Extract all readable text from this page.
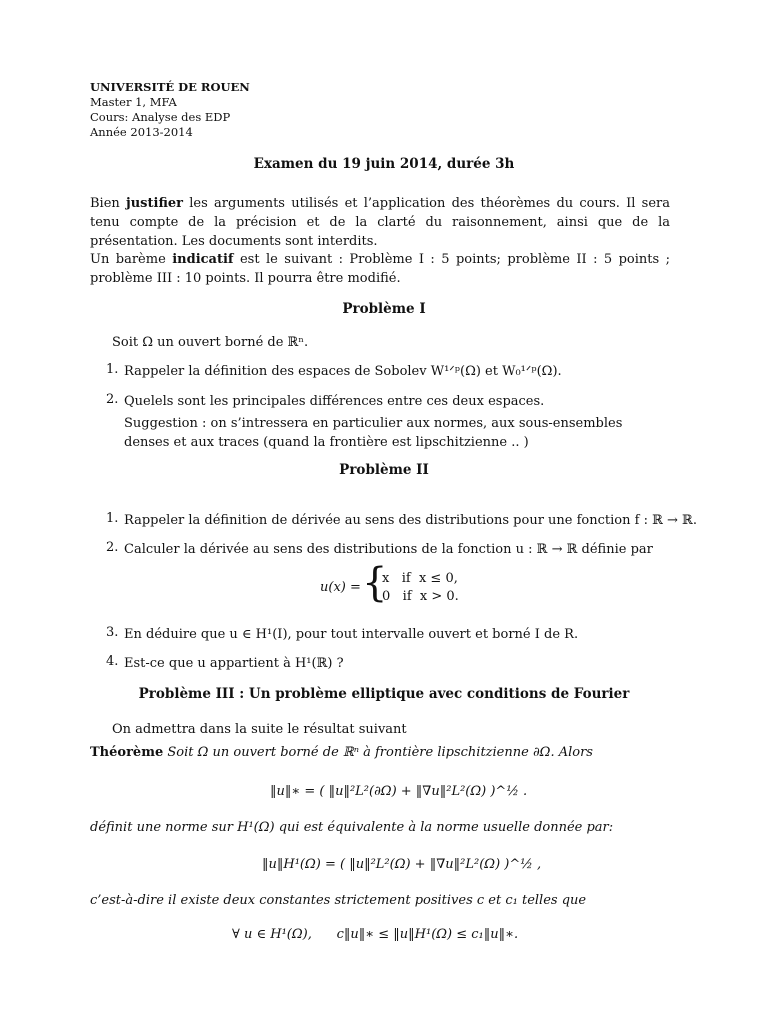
UNIVERSITÉ DE ROUEN
Master 1, MFA
Cours: Analyse des EDP
Année 2013-2014
Examen du 19 juin 2014, durée 3h
Bien justifier les arguments utilisés et l’application des théorèmes du cours. Il sera tenu compte de la précision et de la clarté du raisonnement, ainsi que de la présentation. Les documents sont interdits.
Un barème indicatif est le suivant : Problème I : 5 points; problème II : 5 points ; problème III : 10 points. Il pourra être modifié.
Problème I
Soit Ω un ouvert borné de ℝⁿ.
1. Rappeler la définition des espaces de Sobolev W¹ᐟᵖ(Ω) et W₀¹ᐟᵖ(Ω).
2. Quelels sont les principales différences entre ces deux espaces.
Suggestion : on s’intressera en particulier aux normes, aux sous-ensembles denses et aux traces (quand la frontière est lipschitzienne .. )
Problème II
1. Rappeler la définition de dérivée au sens des distributions pour une fonction f : ℝ → ℝ.
2. Calculer la dérivée au sens des distributions de la fonction u : ℝ → ℝ définie par
u(x) = {
x   if  x ≤ 0,
0   if  x > 0.
3. En déduire que u ∈ H¹(I), pour tout intervalle ouvert et borné I de R.
4. Est-ce que u appartient à H¹(ℝ) ?
Problème III : Un problème elliptique avec conditions de Fourier
On admettra dans la suite le résultat suivant
Théorème Soit Ω un ouvert borné de ℝⁿ à frontière lipschitzienne ∂Ω. Alors
‖u‖∗ = ( ‖u‖²L²(∂Ω) + ‖∇u‖²L²(Ω) )^½ .
définit une norme sur H¹(Ω) qui est équivalente à la norme usuelle donnée par:
‖u‖H¹(Ω) = ( ‖u‖²L²(Ω) + ‖∇u‖²L²(Ω) )^½ ,
c’est-à-dire il existe deux constantes strictement positives c et c₁ telles que
∀ u ∈ H¹(Ω),      c‖u‖∗ ≤ ‖u‖H¹(Ω) ≤ c₁‖u‖∗.
